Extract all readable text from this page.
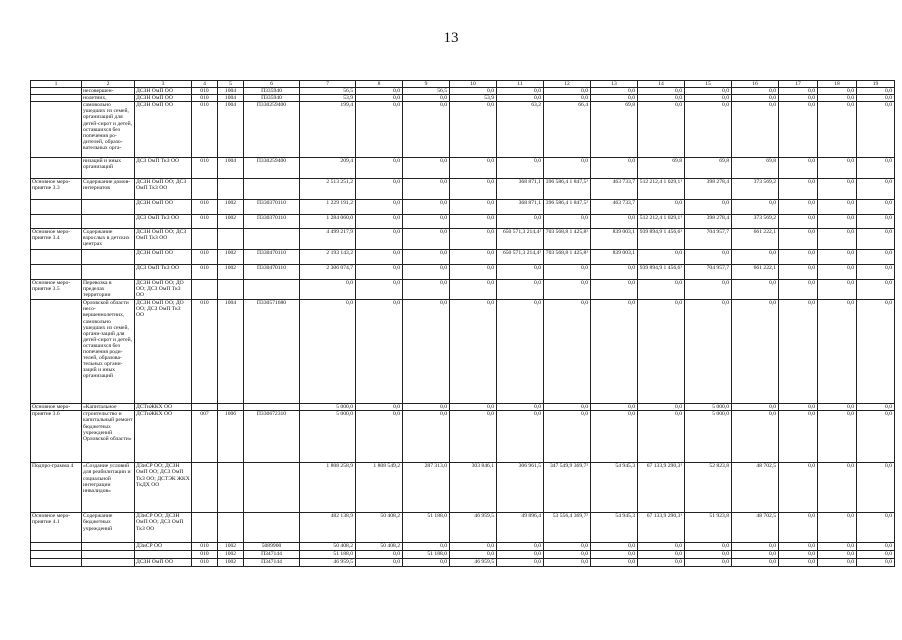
13
1	2	3	4	5	6	7	8	9	10	11	12	13	14	15	16	17	18	19
	несовершен-	ДСЗН ОмП ОО	010	1004	П335940	56,5	0,0	56,5	0,0	0,0	0,0	0,0	0,0	0,0	0,0	0,0	0,0	0,0
	нолетних,	ДСЗН ОмП ОО	010	1004	П335940	53,9	0,0	0,0	53,9	0,0	0,0	0,0	0,0	0,0	0,0	0,0	0,0	0,0
	самовольно ушедших из семей, организаций для детей-сирот и детей, оставшихся без попечения ро-дителей, образо-вательных орга-	ДСЗН ОмП ОО	010	1004	П330259400	199,4	0,0	0,0	0,0	63,2	66,4	69,8	0,0	0,0	0,0	0,0	0,0	0,0
	низаций и иных организаций	ДСЗ ОмП ТкЗ ОО	010	1004	П330259400	209,4	0,0	0,0	0,0	0,0	0,0	0,0	69,8	69,8	69,8	0,0	0,0	0,0
Основное меро-приятие 3.3	Содержание домов-интернатов	ДСЗН ОмП ОО; ДСЗ ОмП ТкЗ ОО				2 513 251,2	0,0	0,0	0,0	368 871,1	396 586,4 1 847,5²	463 733,7	512 212,4 1 029,1¹	398 278,4	373 569,2	0,0	0,0	0,0
		ДСЗН ОмП ОО	010	1002	П330370110	1 229 191,2	0,0	0,0	0,0	368 871,1	396 586,4 1 847,5²	463 733,7	0,0	0,0	0,0	0,0	0,0	0,0
		ДСЗ ОмП ТкЗ ОО	010	1002	П330370110	1 284 060,0	0,0	0,0	0,0	0,0	0,0	0,0	512 212,4 1 029,1¹	398 278,4	373 569,2	0,0	0,0	0,0
Основное меро-приятие 3.4	Содержание взрослых в детских центрах	ДСЗН ОмП ОО; ДСЗ ОмП ТкЗ ОО				4 499 217,9	0,0	0,0	0,0	650 571,3 214,4²	703 568,8 1 425,8²	839 003,1	939 894,9 1 456,6¹	704 957,7	661 222,1	0,0	0,0	0,0
		ДСЗН ОмП ОО	010	1002	П330470110	2 193 143,2	0,0	0,0	0,0	650 571,3 214,4²	703 568,8 1 425,8²	839 003,1	0,0	0,0	0,0	0,0	0,0	0,0
		ДСЗ ОмП ТкЗ ОО	010	1002	П330470110	2 306 074,7	0,0	0,0	0,0	0,0	0,0	0,0	939 894,9 1 456,6¹	704 957,7	661 222,1	0,0	0,0	0,0
Основное меро-приятие 3.5	Перевозка в пределах территории	ДСЗН ОмП ОО; ДО ОО; ДСЗ ОмП ТкЗ ОО				0,0	0,0	0,0	0,0	0,0	0,0	0,0	0,0	0,0	0,0	0,0	0,0	0,0
	Орловской области несо-вершеннолетних, самовольно ушедших из семей, органи-заций для детей-сирот и детей, оставшихся без попечения роди-телей, образова-тельных органи-заций и иных организаций	ДСЗН ОмП ОО; ДО ОО; ДСЗ ОмП ТкЗ ОО	010	1004	П330571680	0,0	0,0	0,0	0,0	0,0	0,0	0,0	0,0	0,0	0,0	0,0	0,0	0,0
Основное меро-	«Капитальное	ДСТиЖКХ ОО				5 000,0	0,0	0,0	0,0	0,0	0,0	0,0	0,0	5 000,0	0,0	0,0	0,0	0,0
приятие 3.6	строительство и капитальный ремонт бюджетных учреждений Орловской области»	ДСТиЖКХ ОО	007	1006	П330672310	5 000,0	0,0	0,0	0,0	0,0	0,0	0,0	0,0	5 000,0	0,0	0,0	0,0	0,0
Подпро-грамма 4	«Создание условий для реабилитации и социальной интеграции инвалидов»	ДЗиСР ОО; ДСЗН ОмП ОО; ДСЗ ОмП ТкЗ ОО; ДСТЭК ЖКХ ТкДХ ОО				1 808 258,9	1 808 549,2	287 313,0	303 846,1	306 961,5	347 549,9 369,7²	54 945,3	67 133,9 290,3¹	52 823,8	48 702,5	0,0	0,0	0,0
Основное меро-приятие 4.1	Содержание бюджетных учреждений	ДЗиСР ОО; ДСЗН ОмП ОО; ДСЗ ОмП ТкЗ ОО				482 138,9	50 408,2	51 188,0	46 959,5	49 896,4	53 556,4 369,7²	54 945,3	67 133,9 290,3¹	51 923,8	48 702,5	0,0	0,0	0,0
		ДЗиСР ОО	010	1002	5089900	50 408,2	50 408,2	0,0	0,0	0,0	0,0	0,0	0,0	0,0	0,0	0,0	0,0	0,0
			010	1002	П347144	51 188,0	0,0	51 188,0	0,0	0,0	0,0	0,0	0,0	0,0	0,0	0,0	0,0	0,0
		ДСЗН ОмП ОО	010	1002	П347144	46 959,5	0,0	0,0	46 959,5	0,0	0,0	0,0	0,0	0,0	0,0	0,0	0,0	0,0
